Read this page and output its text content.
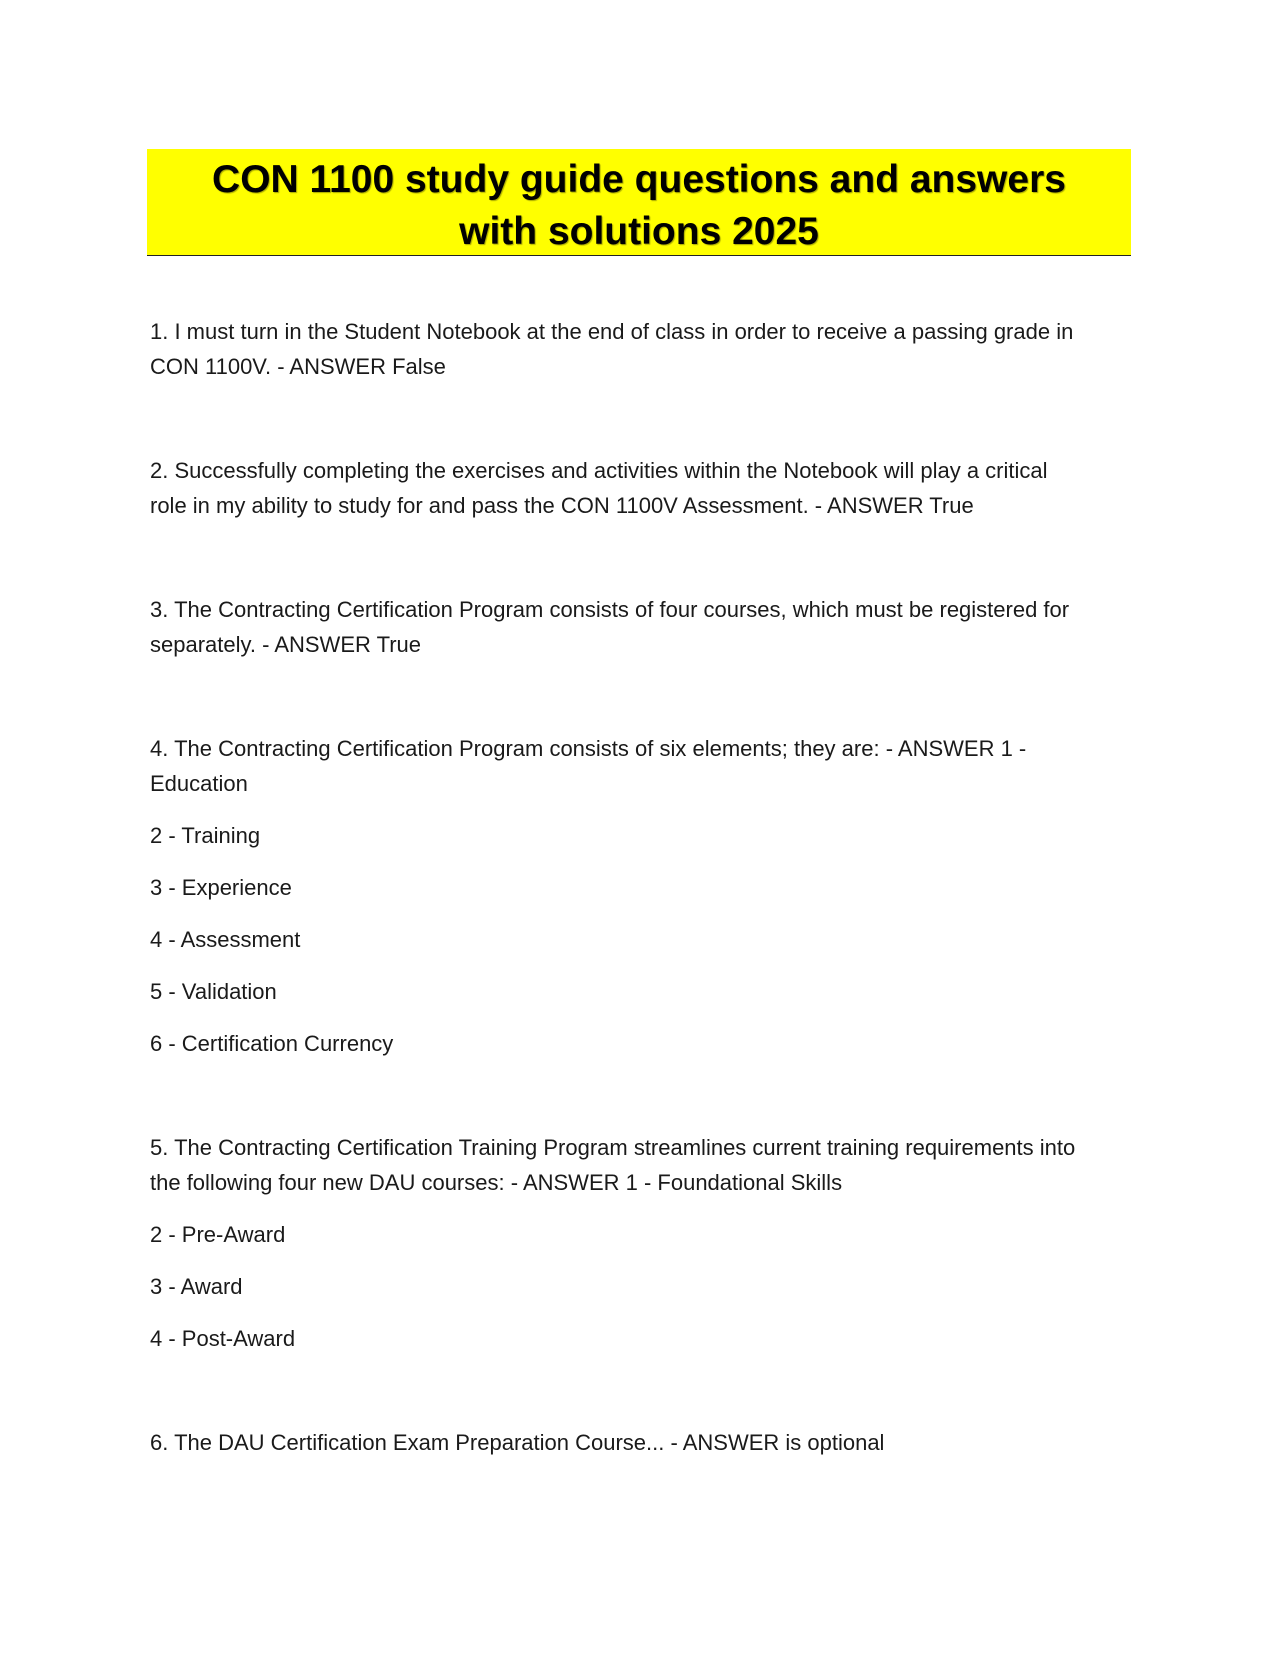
CON 1100 study guide questions and answers
with solutions 2025
1. I must turn in the Student Notebook at the end of class in order to receive a passing grade in
CON 1100V. - ANSWER False
2. Successfully completing the exercises and activities within the Notebook will play a critical
role in my ability to study for and pass the CON 1100V Assessment. - ANSWER True
3. The Contracting Certification Program consists of four courses, which must be registered for
separately. - ANSWER True
4. The Contracting Certification Program consists of six elements; they are: - ANSWER 1 -
Education
2 - Training
3 - Experience
4 - Assessment
5 - Validation
6 - Certification Currency
5. The Contracting Certification Training Program streamlines current training requirements into
the following four new DAU courses: - ANSWER 1 - Foundational Skills
2 - Pre-Award
3 - Award
4 - Post-Award
6. The DAU Certification Exam Preparation Course... - ANSWER is optional
